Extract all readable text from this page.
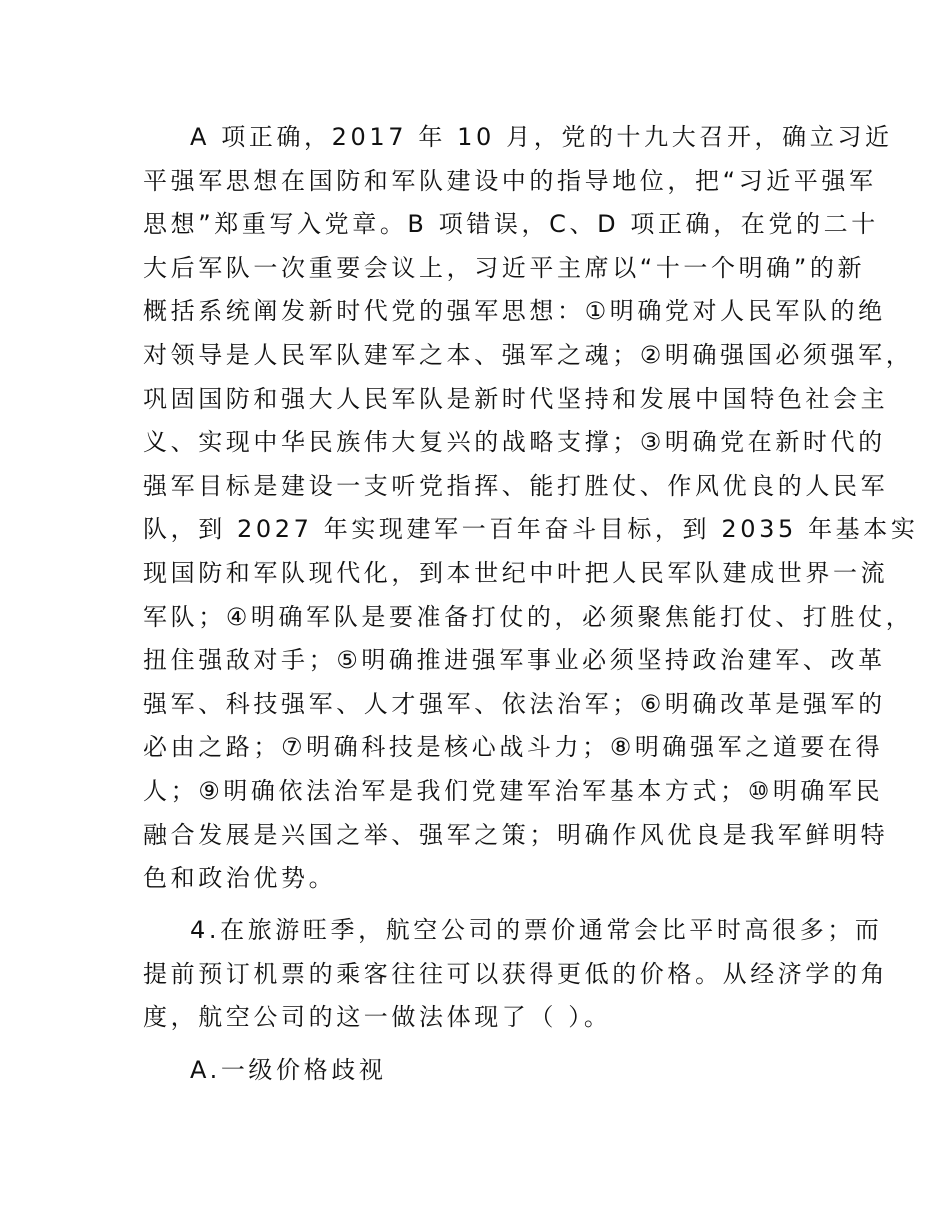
A 项正确，2017 年 10 月，党的十九大召开，确立习近
平强军思想在国防和军队建设中的指导地位，把“习近平强军
思想”郑重写入党章。B 项错误，C、D 项正确，在党的二十
大后军队一次重要会议上，习近平主席以“十一个明确”的新
概括系统阐发新时代党的强军思想：①明确党对人民军队的绝
对领导是人民军队建军之本、强军之魂；②明确强国必须强军，
巩固国防和强大人民军队是新时代坚持和发展中国特色社会主
义、实现中华民族伟大复兴的战略支撑；③明确党在新时代的
强军目标是建设一支听党指挥、能打胜仗、作风优良的人民军
队，到 2027 年实现建军一百年奋斗目标，到 2035 年基本实
现国防和军队现代化，到本世纪中叶把人民军队建成世界一流
军队；④明确军队是要准备打仗的，必须聚焦能打仗、打胜仗，
扭住强敌对手；⑤明确推进强军事业必须坚持政治建军、改革
强军、科技强军、人才强军、依法治军；⑥明确改革是强军的
必由之路；⑦明确科技是核心战斗力；⑧明确强军之道要在得
人；⑨明确依法治军是我们党建军治军基本方式；⑩明确军民
融合发展是兴国之举、强军之策；明确作风优良是我军鲜明特
色和政治优势。
4.在旅游旺季，航空公司的票价通常会比平时高很多；而
提前预订机票的乘客往往可以获得更低的价格。从经济学的角
度，航空公司的这一做法体现了（ ）。
A.一级价格歧视
